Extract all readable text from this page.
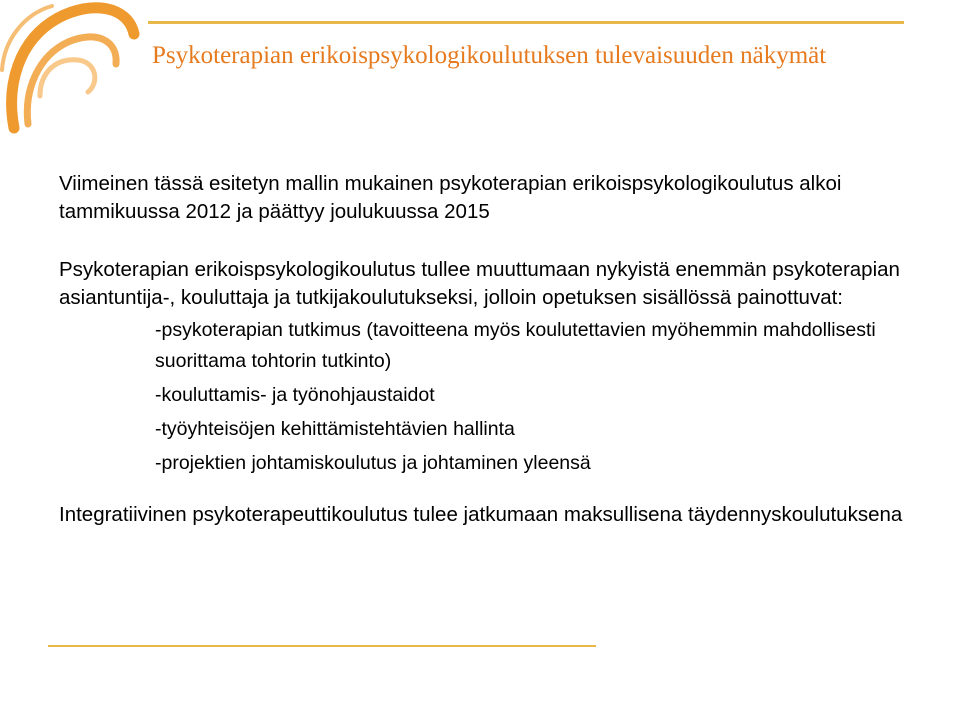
Psykoterapian erikoispsykologikoulutuksen tulevaisuuden näkymät

Viimeinen tässä esitetyn mallin mukainen psykoterapian erikoispsykologikoulutus alkoi tammikuussa 2012 ja päättyy joulukuussa 2015

Psykoterapian erikoispsykologikoulutus tullee muuttumaan nykyistä enemmän psykoterapian asiantuntija-, kouluttaja ja tutkijakoulutukseksi, jolloin opetuksen sisällössä painottuvat:

-psykoterapian tutkimus (tavoitteena myös koulutettavien myöhemmin mahdollisesti suorittama tohtorin tutkinto)

-kouluttamis- ja työnohjaustaidot

-työyhteisöjen kehittämistehtävien hallinta

-projektien johtamiskoulutus ja johtaminen yleensä

Integratiivinen psykoterapeuttikoulutus tulee jatkumaan maksullisena täydennyskoulutuksena
